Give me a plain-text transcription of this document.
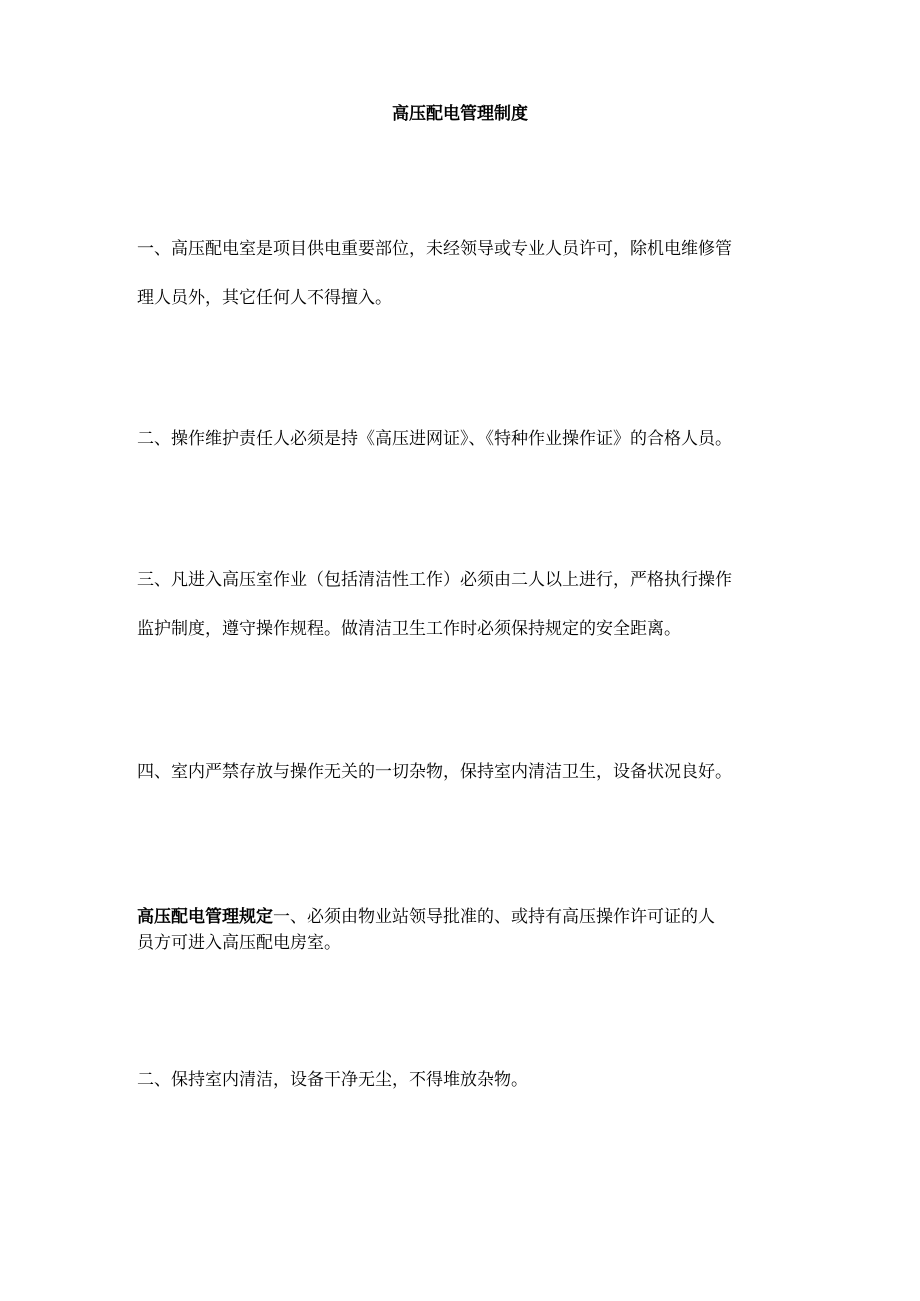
高压配电管理制度
一、高压配电室是项目供电重要部位，未经领导或专业人员许可，除机电维修管
理人员外，其它任何人不得擅入。
二、操作维护责任人必须是持《高压进网证》、《特种作业操作证》的合格人员。
三、凡进入高压室作业（包括清洁性工作）必须由二人以上进行，严格执行操作
监护制度，遵守操作规程。做清洁卫生工作时必须保持规定的安全距离。
四、室内严禁存放与操作无关的一切杂物，保持室内清洁卫生，设备状况良好。
高压配电管理规定一、必须由物业站领导批准的、或持有高压操作许可证的人
员方可进入高压配电房室。
二、保持室内清洁，设备干净无尘，不得堆放杂物。
